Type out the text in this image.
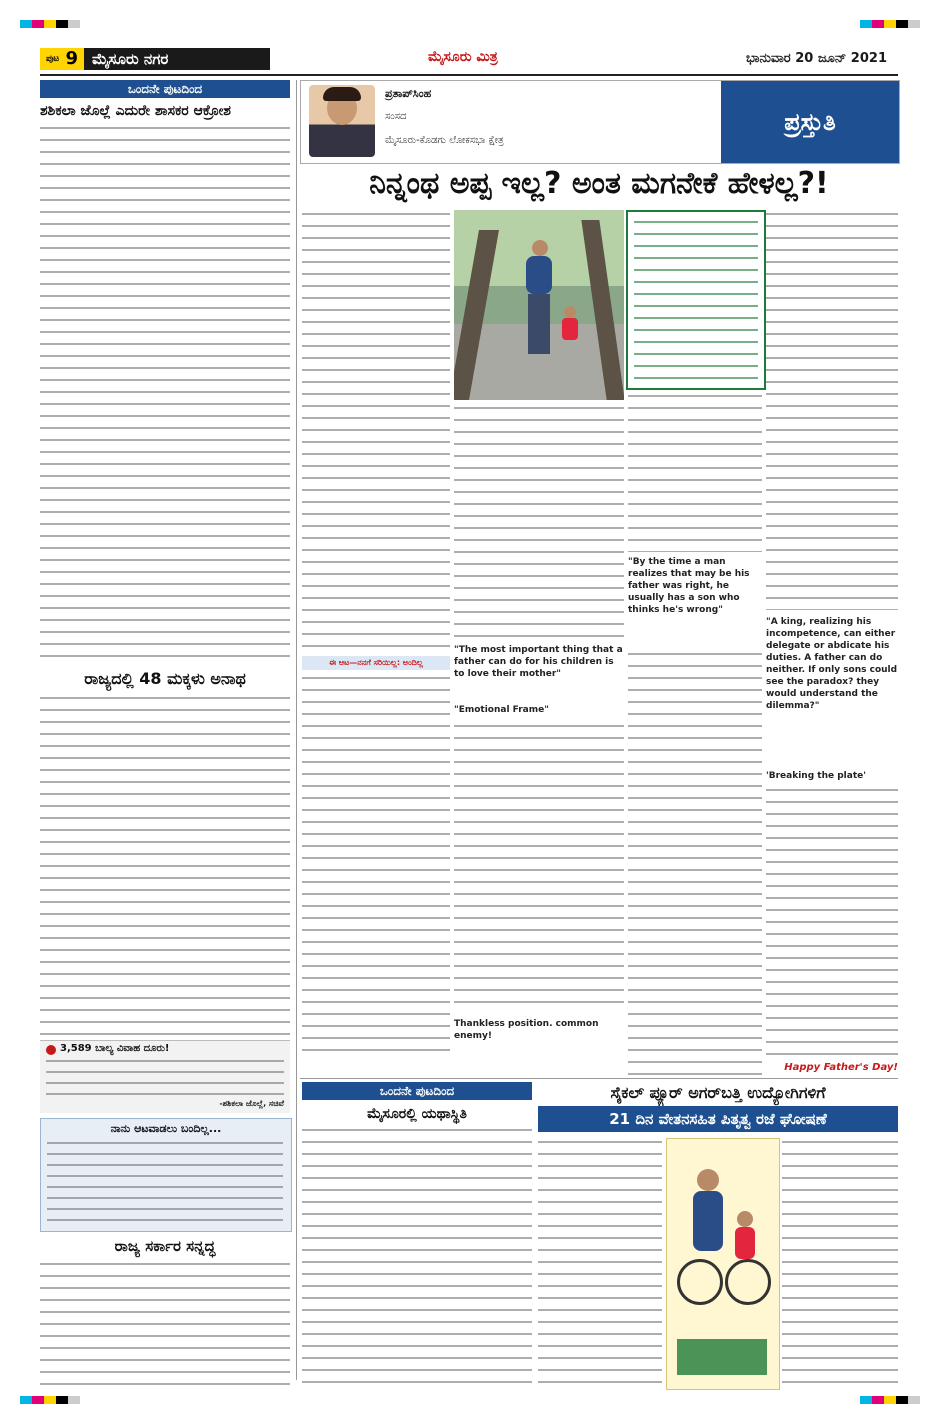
$^{ಪುಟ}$ 9 ಮೈಸೂರು ನಗರ	ಮೈಸೂರು ಮಿತ್ರ	ಭಾನುವಾರ 20 ಜೂನ್ 2021
ಒಂದನೇ ಪುಟದಿಂದ
ಶಶಿಕಲಾ ಜೊಲ್ಲೆ ಎದುರೇ ಶಾಸಕರ ಆಕ್ರೋಶ
ರಾಜ್ಯದಲ್ಲಿ 48 ಮಕ್ಕಳು ಅನಾಥ
3,589 ಬಾಲ್ಯ ವಿವಾಹ ದೂರು!
-ಶಶಿಕಲಾ ಜೊಲ್ಲೆ, ಸಚಿವೆ
ನಾನು ಆಟವಾಡಲು ಬಂದಿಲ್ಲ...
ರಾಜ್ಯ ಸರ್ಕಾರ ಸನ್ನದ್ಧ
ಪ್ರತಾಪ್‌ಸಿಂಹ
ಸಂಸದ
ಮೈಸೂರು-ಕೊಡಗು ಲೋಕಸಭಾ ಕ್ಷೇತ್ರ
ಪ್ರಸ್ತುತಿ
ನಿನ್ನಂಥ ಅಪ್ಪ ಇಲ್ಲ? ಅಂತ ಮಗನೇಕೆ ಹೇಳಲ್ಲ?!
ಈ ಆಟ—ನನಗೆ ಸರಿಯಿಲ್ಲ: ಅಂದಿಲ್ಲ
"The most important thing that a father can do for his children is to love their mother"
"Emotional Frame"
Thankless position. common enemy!
"By the time a man realizes that may be his father was right, he usually has a son who thinks he's wrong"
"A king, realizing his incompetence, can either delegate or abdicate his duties. A father can do neither. If only sons could see the paradox? they would understand the dilemma?"
'Breaking the plate'
Happy Father's Day!
ಒಂದನೇ ಪುಟದಿಂದ
ಮೈಸೂರಲ್ಲಿ ಯಥಾಸ್ಥಿತಿ
ಸೈಕಲ್ ಪ್ಯೂರ್ ಅಗರ್‌ಬತ್ತಿ ಉದ್ಯೋಗಿಗಳಿಗೆ
21 ದಿನ ವೇತನಸಹಿತ ಪಿತೃತ್ವ ರಜೆ ಘೋಷಣೆ
